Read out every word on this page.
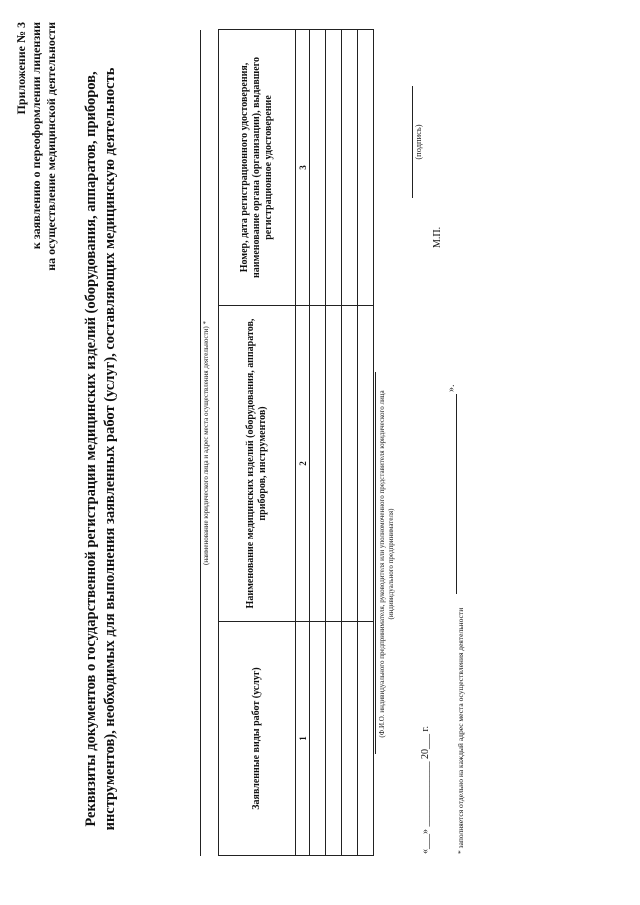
Приложение № 3 к заявлению о переоформлении лицензии на осуществление медицинской деятельности Реквизиты документов о государственной регистрации медицинских изделий (оборудования, аппаратов, приборов, инструментов), необходимых для выполнения заявленных работ (услуг), составляющих медицинскую деятельность	(наименование юридического лица и адрес места осуществления деятельности) *
Заявленные виды работ (услуг)	Наименование медицинских изделий (оборудования, аппаратов, приборов, инструментов)	Номер, дата регистрационного удостоверения, наименование органа (организации), выдавшего регистрационное удостоверение
1	2	3

(Ф.И.О. индивидуального предпринимателя, руководителя или уполномоченного представителя юридического лица (индивидуального предпринимателя)
(подпись)
М.П.
«___» _____________ 20___ г.
».
* заполняется отдельно на каждый адрес места осуществления деятельности
